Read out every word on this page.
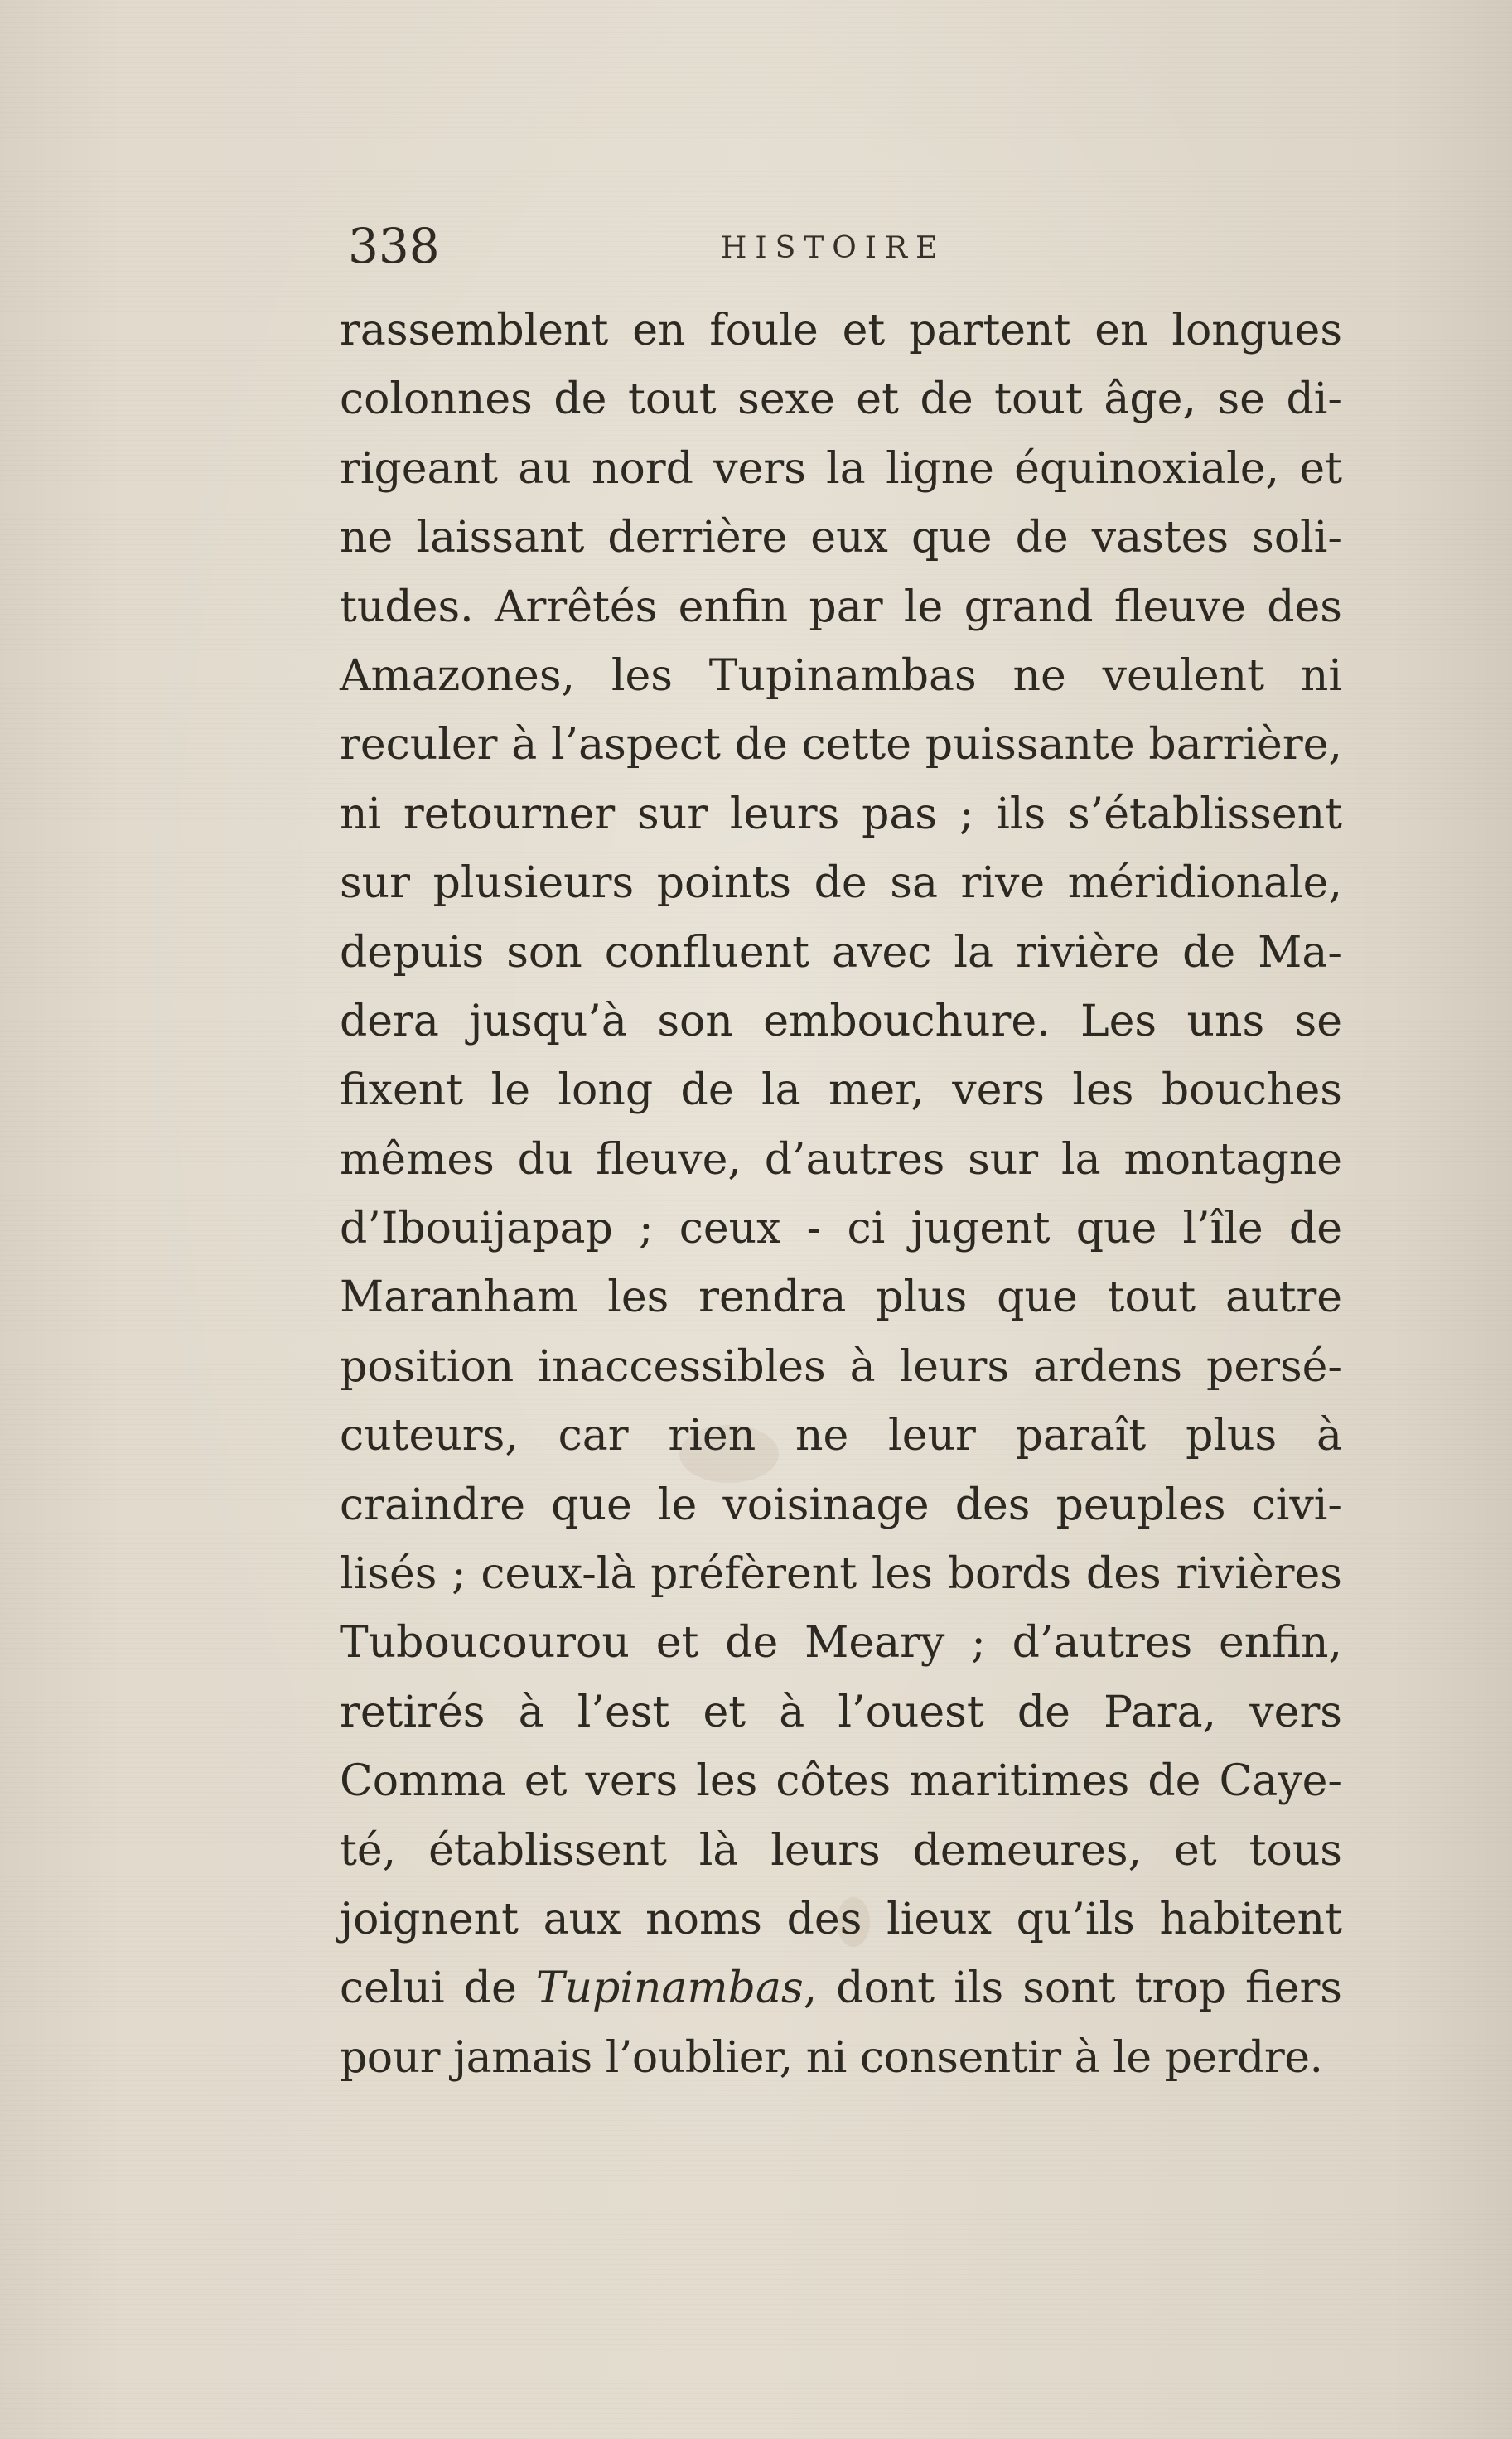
338	HISTOIRE
rassemblent en foule et partent en longues
colonnes de tout sexe et de tout âge, se di-
rigeant au nord vers la ligne équinoxiale, et
ne laissant derrière eux que de vastes soli-
tudes. Arrêtés enfin par le grand fleuve des
Amazones, les Tupinambas ne veulent ni
reculer à l’aspect de cette puissante barrière,
ni retourner sur leurs pas ; ils s’établissent
sur plusieurs points de sa rive méridionale,
depuis son confluent avec la rivière de Ma-
dera jusqu’à son embouchure. Les uns se
fixent le long de la mer, vers les bouches
mêmes du fleuve, d’autres sur la montagne
d’Ibouijapap ; ceux - ci jugent que l’île de
Maranham les rendra plus que tout autre
position inaccessibles à leurs ardens persé-
cuteurs, car rien ne leur paraît plus à
craindre que le voisinage des peuples civi-
lisés ; ceux-là préfèrent les bords des rivières
Tuboucourou et de Meary ; d’autres enfin,
retirés à l’est et à l’ouest de Para, vers
Comma et vers les côtes maritimes de Caye-
té, établissent là leurs demeures, et tous
joignent aux noms des lieux qu’ils habitent
celui de Tupinambas, dont ils sont trop fiers
pour jamais l’oublier, ni consentir à le perdre.
